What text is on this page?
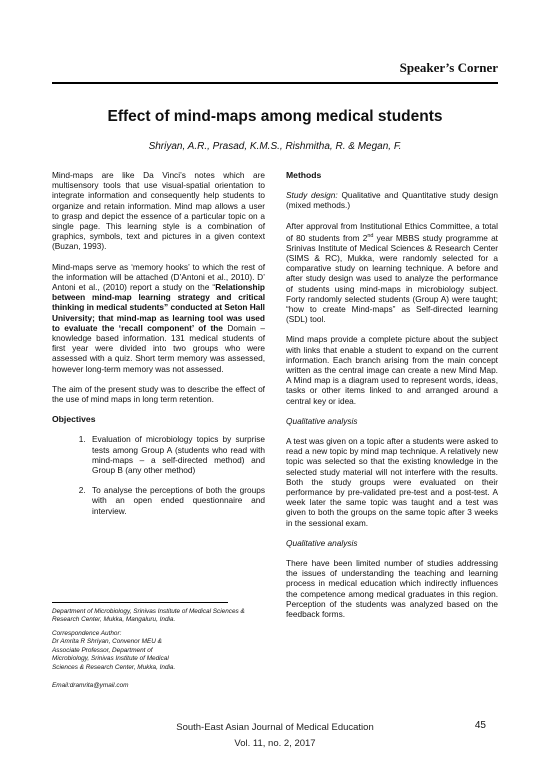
Speaker’s Corner
Effect of mind-maps among medical students
Shriyan, A.R., Prasad, K.M.S., Rishmitha, R. & Megan, F.

Mind-maps are like Da Vinci’s notes which are multisensory tools that use visual-spatial orientation to integrate information and consequently help students to organize and retain information. Mind map allows a user to grasp and depict the essence of a particular topic on a single page. This learning style is a combination of graphics, symbols, text and pictures in a given context (Buzan, 1993).

Mind-maps serve as ‘memory hooks’ to which the rest of the information will be attached (D’Antoni et al., 2010). D’ Antoni et al., (2010) report a study on the “Relationship between mind-map learning strategy and critical thinking in medical students” conducted at Seton Hall University; that mind-map as learning tool was used to evaluate the ‘recall component’ of the Domain – knowledge based information. 131 medical students of first year were divided into two groups who were assessed with a quiz. Short term memory was assessed, however long-term memory was not assessed.

The aim of the present study was to describe the effect of the use of mind maps in long term retention.

Objectives
1. Evaluation of microbiology topics by surprise tests among Group A (students who read with mind-maps – a self-directed method) and Group B (any other method)
2. To analyse the perceptions of both the groups with an open ended questionnaire and interview.
Department of Microbiology, Srinivas Institute of Medical Sciences & Research Center, Mukka, Mangaluru, India.
Correspondence Author:
Dr Amrita R Shriyan, Convenor MEU &
Associate Professor, Department of
Microbiology, Srinivas Institute of Medical
Sciences & Research Center, Mukka, India.
Email:dramrita@ymail.com
Methods

Study design: Qualitative and Quantitative study design (mixed methods.)

After approval from Institutional Ethics Committee, a total of 80 students from 2nd year MBBS study programme at Srinivas Institute of Medical Sciences & Research Center (SIMS & RC), Mukka, were randomly selected for a comparative study on learning technique. A before and after study design was used to analyze the performance of students using mind-maps in microbiology subject. Forty randomly selected students (Group A) were taught; “how to create Mind-maps” as Self-directed learning (SDL) tool.

Mind maps provide a complete picture about the subject with links that enable a student to expand on the current information. Each branch arising from the main concept written as the central image can create a new Mind Map. A Mind map is a diagram used to represent words, ideas, tasks or other items linked to and arranged around a central key or idea.

Qualitative analysis

A test was given on a topic after a students were asked to read a new topic by mind map technique. A relatively new topic was selected so that the existing knowledge in the selected study material will not interfere with the results. Both the study groups were evaluated on their performance by pre-validated pre-test and a post-test. A week later the same topic was taught and a test was given to both the groups on the same topic after 3 weeks in the sessional exam.

Qualitative analysis

There have been limited number of studies addressing the issues of understanding the teaching and learning process in medical education which indirectly influences the competence among medical graduates in this region. Perception of the students was analyzed based on the feedback forms.

South-East Asian Journal of Medical Education
Vol. 11, no. 2, 2017
45
